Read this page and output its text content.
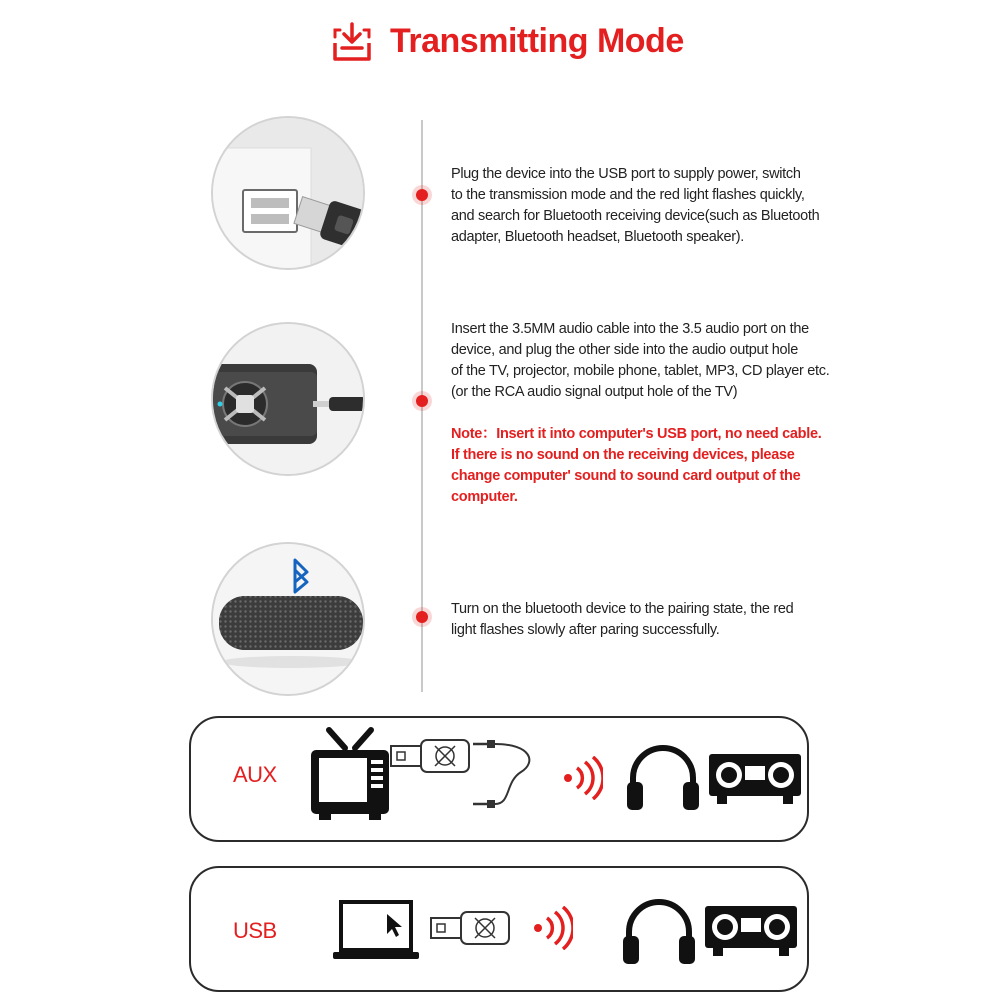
Transmitting Mode
Plug the device into the USB port to supply power, switch
to the transmission mode and the red light flashes quickly,
and search for Bluetooth receiving device(such as Bluetooth
adapter, Bluetooth headset, Bluetooth speaker).
Insert the 3.5MM audio cable into the 3.5 audio port on the
device, and plug the other side into the audio output hole
of the TV, projector, mobile phone, tablet, MP3, CD player etc.
(or the RCA audio signal output hole of the TV)
Note：Insert it into computer's USB port, no need cable.
If there is no sound on the receiving devices, please
change computer' sound to sound card output of the
computer.
Turn on the bluetooth device to the pairing state, the red
light flashes slowly after paring successfully.
AUX
USB
